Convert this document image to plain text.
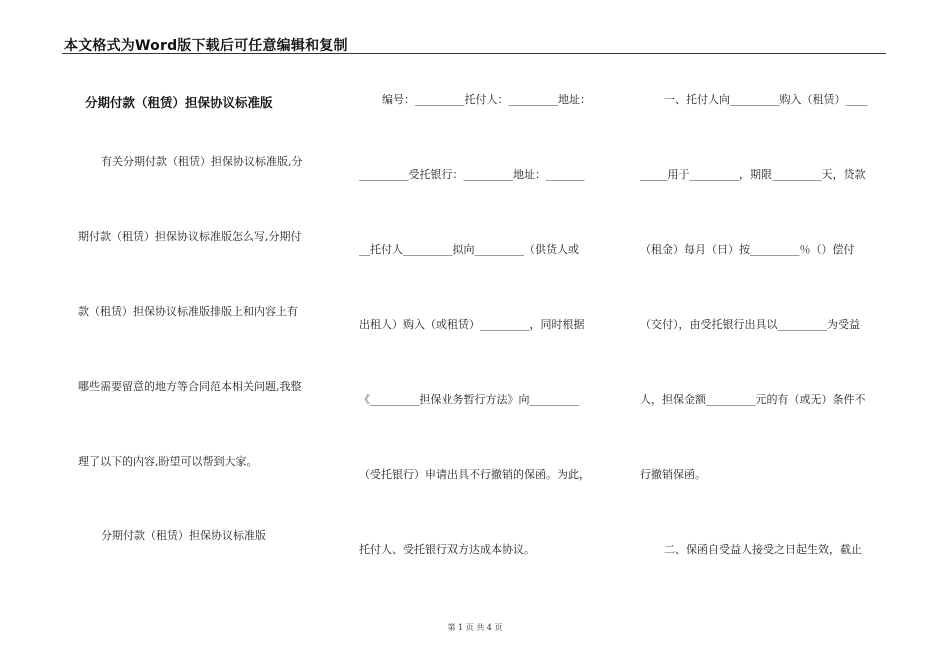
本文格式为Word版下载后可任意编辑和复制
分期付款（租赁）担保协议标准版
有关分期付款（租赁）担保协议标准版,分
期付款（租赁）担保协议标准版怎么写,分期付
款（租赁）担保协议标准版排版上和内容上有
哪些需要留意的地方等合同范本相关问题,我整
理了以下的内容,盼望可以帮到大家。
分期付款（租赁）担保协议标准版
编号：_________托付人：_________地址：
_________受托银行：_________地址：_______
__托付人_________拟向_________（供货人或
出租人）购入（或租赁）_________，同时根据
《_________担保业务暂行方法》向_________
（受托银行）申请出具不行撤销的保函。为此，
托付人、受托银行双方达成本协议。
一、托付人向_________购入（租赁）____
_____用于_________，期限_________天，贷款
（租金）每月（日）按_________％（）偿付
（交付），由受托银行出具以_________为受益
人，担保金额_________元的有（或无）条件不
行撤销保函。
二、保函自受益人接受之日起生效，截止
第 1 页 共 4 页
